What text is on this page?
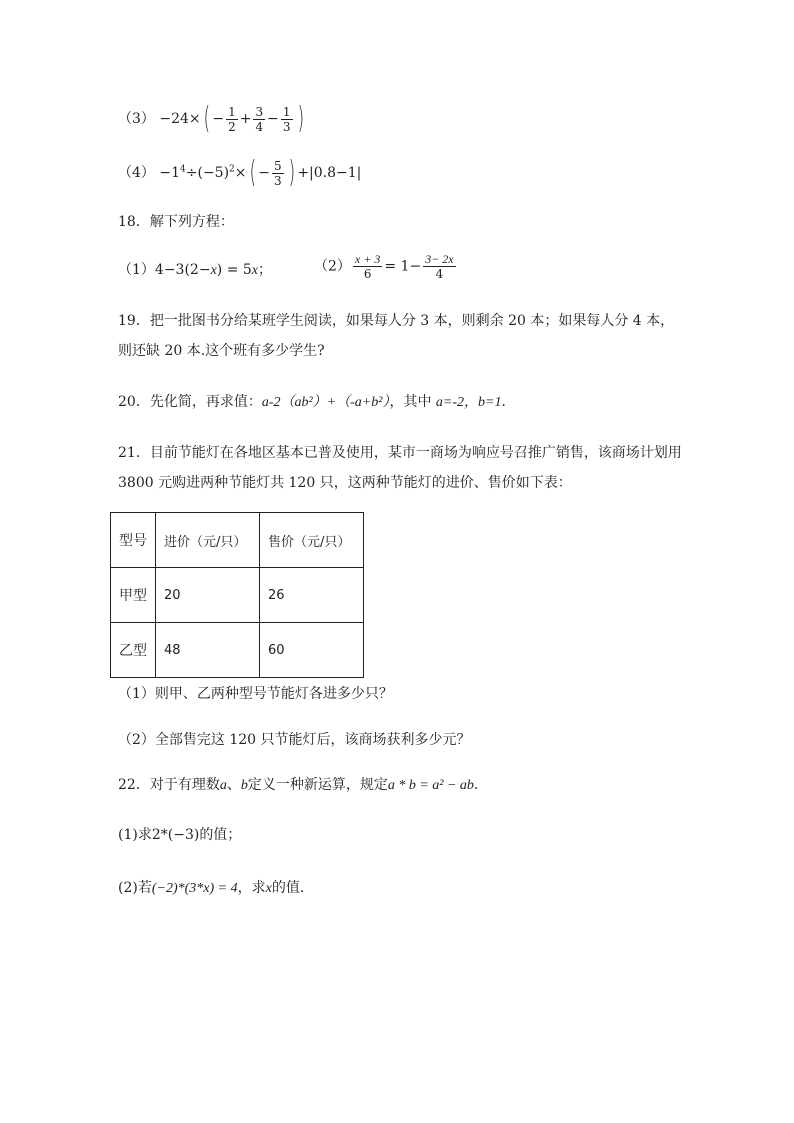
$(3) -24\times( - \frac{1}{2} + \frac{3}{4} - \frac{1}{3}$ )
$(4) -1^4\div(-5)^2\times( - \frac{5}{3}$ ) +|0.8−1|
18．解下列方程：
（1）4−3(2−x) = 5x；	$(2) \frac{x + 3}{6} = 1- \frac{3- 2x}{4}$
19．把一批图书分给某班学生阅读，如果每人分 3 本，则剩余 20 本；如果每人分 4 本，
则还缺 20 本.这个班有多少学生?
20．先化简，再求值：a-2（ab²）+（-a+b²），其中 a=-2，b=1．
21．目前节能灯在各地区基本已普及使用，某市一商场为响应号召推广销售，该商场计划用
3800 元购进两种节能灯共 120 只，这两种节能灯的进价、售价如下表：
型号	进价（元/只）	售价（元/只）
甲型	20	26
乙型	48	60
（1）则甲、乙两种型号节能灯各进多少只？
（2）全部售完这 120 只节能灯后，该商场获利多少元？
22．对于有理数a、b定义一种新运算，规定a * b = a² − ab．
(1)求2*(−3)的值；
(2)若(−2)*(3*x) = 4，求x的值．
